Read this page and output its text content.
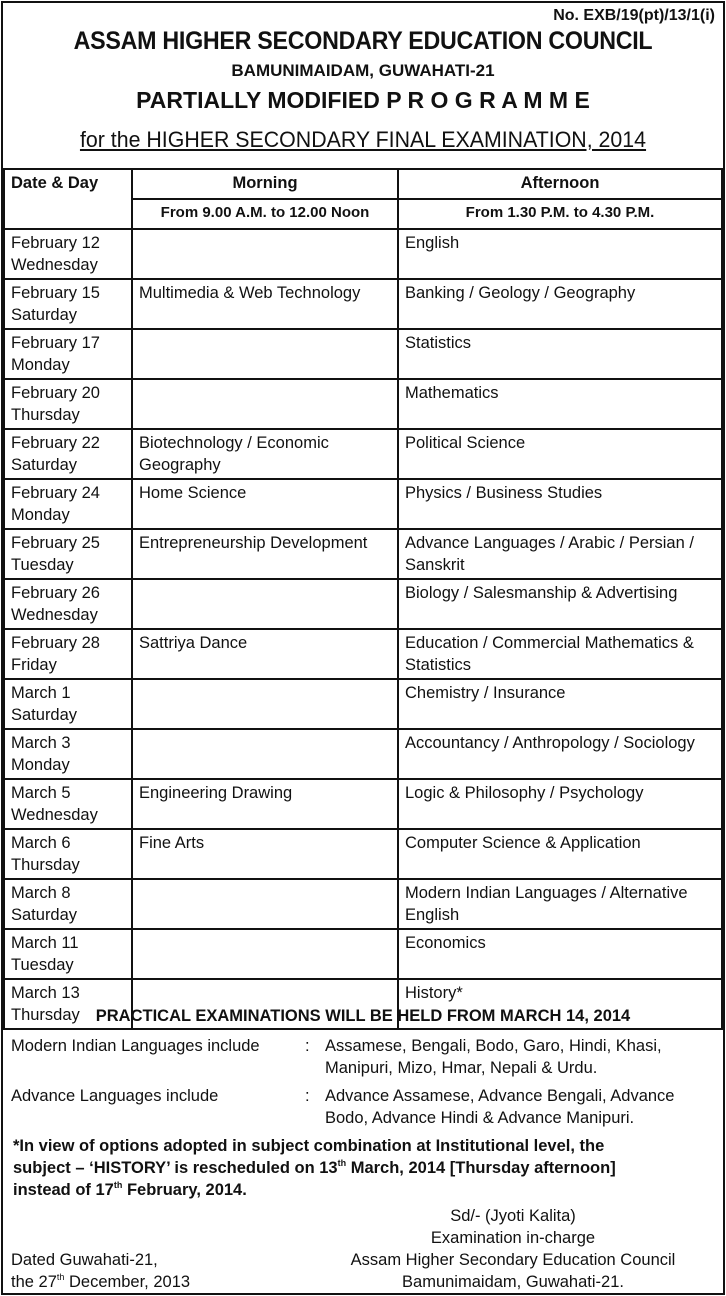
No. EXB/19(pt)/13/1(i)
ASSAM HIGHER SECONDARY EDUCATION COUNCIL
BAMUNIMAIDAM, GUWAHATI-21
PARTIALLY MODIFIED P R O G R A M M E
for the HIGHER SECONDARY FINAL EXAMINATION, 2014
Date & Day	Morning	Afternoon
	From 9.00 A.M. to 12.00 Noon	From 1.30 P.M. to 4.30 P.M.

February 12
Wednesday		English

February 15
Saturday	Multimedia & Web Technology	Banking / Geology / Geography

February 17
Monday		Statistics

February 20
Thursday		Mathematics

February 22
Saturday	Biotechnology / Economic Geography	Political Science

February 24
Monday	Home Science	Physics / Business Studies

February 25
Tuesday	Entrepreneurship Development	Advance Languages / Arabic / Persian / Sanskrit

February 26
Wednesday		Biology / Salesmanship & Advertising

February 28
Friday	Sattriya Dance	Education / Commercial Mathematics & Statistics

March 1
Saturday		Chemistry / Insurance

March 3
Monday		Accountancy / Anthropology / Sociology

March 5
Wednesday	Engineering Drawing	Logic & Philosophy / Psychology

March 6
Thursday	Fine Arts	Computer Science & Application

March 8
Saturday		Modern Indian Languages / Alternative English

March 11
Tuesday		Economics

March 13
Thursday		History*
PRACTICAL EXAMINATIONS WILL BE HELD FROM MARCH 14, 2014
Modern Indian Languages include	: Assamese, Bengali, Bodo, Garo, Hindi, Khasi,
Manipuri, Mizo, Hmar, Nepali & Urdu.
Advance Languages include	: Advance Assamese, Advance Bengali, Advance
Bodo, Advance Hindi & Advance Manipuri.
*In view of options adopted in subject combination at Institutional level, the
subject – ‘HISTORY’ is rescheduled on 13th March, 2014 [Thursday afternoon]
instead of 17th February, 2014.
Sd/- (Jyoti Kalita)
Examination in-charge
Assam Higher Secondary Education Council
Bamunimaidam, Guwahati-21.
Dated Guwahati-21,
the 27th December, 2013
